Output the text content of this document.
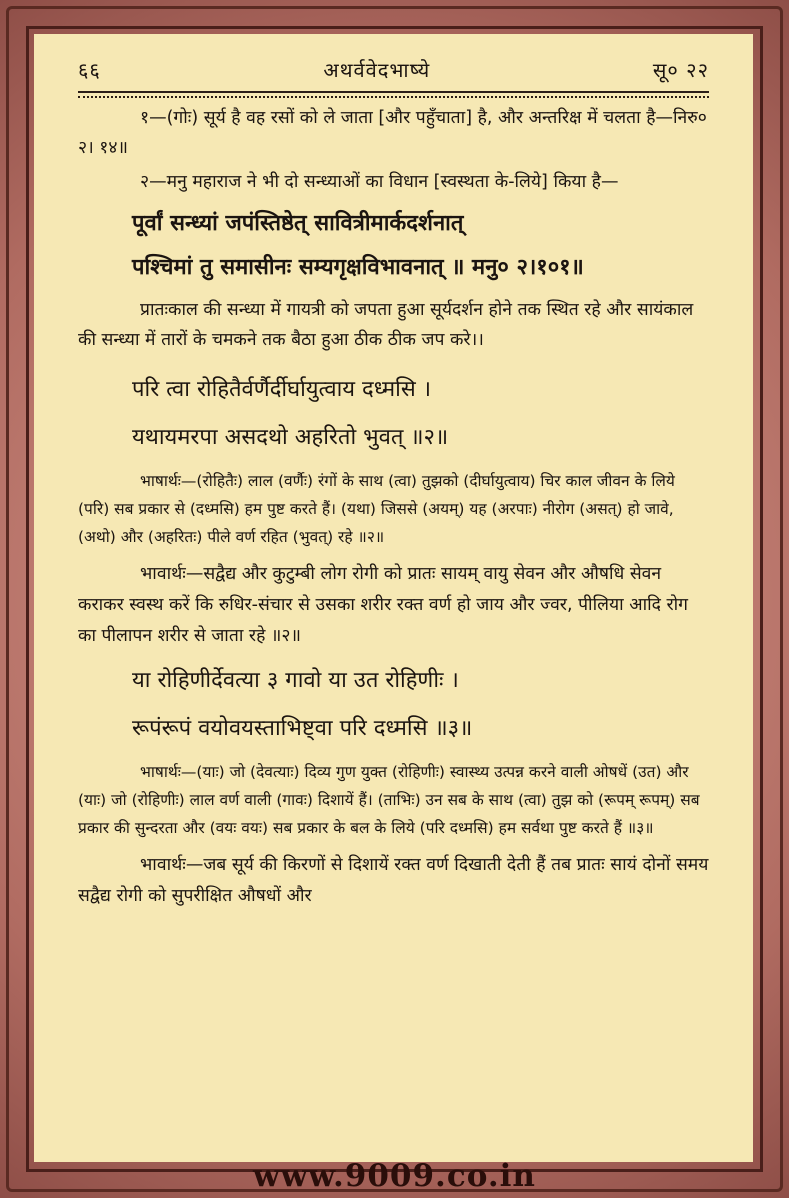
६६	अथर्ववेदभाष्ये	सू० २२

१—(गोः) सूर्य है वह रसों को ले जाता [और पहुँचाता] है, और अन्तरिक्ष में चलता है—निरु० २। १४॥

२—मनु महाराज ने भी दो सन्ध्याओं का विधान [स्वस्थता के-लिये] किया है—

पूर्वां सन्ध्यां जपंस्तिष्ठेत् सावित्रीमार्कदर्शनात्

पश्चिमां तु समासीनः सम्यगृक्षविभावनात् ॥ मनु० २।१०१॥

प्रातःकाल की सन्ध्या में गायत्री को जपता हुआ सूर्यदर्शन होने तक स्थित रहे और सायंकाल की सन्ध्या में तारों के चमकने तक बैठा हुआ ठीक ठीक जप करे।।

परि त्वा रोहितैर्वर्णैर्दीर्घायुत्वाय दध्मसि ।

यथायमरपा असदथो अहरितो भुवत् ॥२॥

भाषार्थः—(रोहितैः) लाल (वर्णैः) रंगों के साथ (त्वा) तुझको (दीर्घायुत्वाय) चिर काल जीवन के लिये (परि) सब प्रकार से (दध्मसि) हम पुष्ट करते हैं। (यथा) जिससे (अयम्) यह (अरपाः) नीरोग (असत्) हो जावे, (अथो) और (अहरितः) पीले वर्ण रहित (भुवत्) रहे ॥२॥

भावार्थः—सद्वैद्य और कुटुम्बी लोग रोगी को प्रातः सायम् वायु सेवन और औषधि सेवन कराकर स्वस्थ करें कि रुधिर-संचार से उसका शरीर रक्त वर्ण हो जाय और ज्वर, पीलिया आदि रोग का पीलापन शरीर से जाता रहे ॥२॥

या रोहिणीर्देवत्या ३ गावो या उत रोहिणीः ।

रूपंरूपं वयोवयस्ताभिष्ट्वा परि दध्मसि ॥३॥

भाषार्थः—(याः) जो (देवत्याः) दिव्य गुण युक्त (रोहिणीः) स्वास्थ्य उत्पन्न करने वाली ओषधें (उत) और (याः) जो (रोहिणीः) लाल वर्ण वाली (गावः) दिशायें हैं। (ताभिः) उन सब के साथ (त्वा) तुझ को (रूपम् रूपम्) सब प्रकार की सुन्दरता और (वयः वयः) सब प्रकार के बल के लिये (परि दध्मसि) हम सर्वथा पुष्ट करते हैं ॥३॥

भावार्थः—जब सूर्य की किरणों से दिशायें रक्त वर्ण दिखाती देती हैं तब प्रातः सायं दोनों समय सद्वैद्य रोगी को सुपरीक्षित औषधों और

www.9009.co.in
